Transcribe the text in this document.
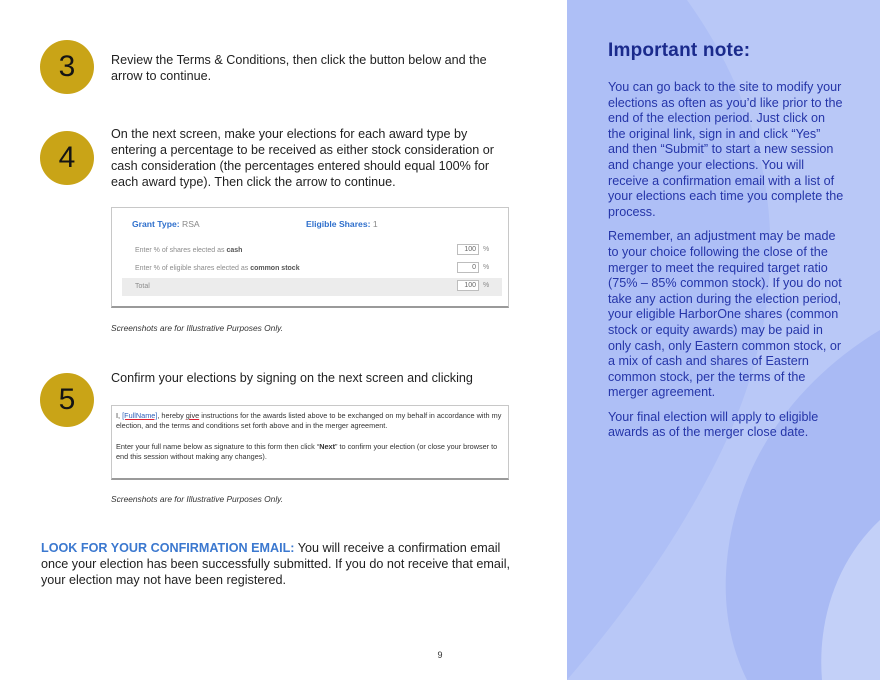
3	Review the Terms & Conditions, then click the button below and the arrow to continue.
4
On the next screen, make your elections for each award type by entering a percentage to be received as either stock consideration or cash consideration (the percentages entered should equal 100% for each award type). Then click the arrow to continue.
Grant Type: RSA	Eligible Shares: 1
Enter % of shares elected as cash	100	%
Enter % of eligible shares elected as common stock	0	%
Total	100	%
Screenshots are for Illustrative Purposes Only.
5
Confirm your elections by signing on the next screen and clicking
I, [FullName], hereby give instructions for the awards listed above to be exchanged on my behalf in accordance with my election, and the terms and conditions set forth above and in the merger agreement.
Enter your full name below as signature to this form then click “Next” to confirm your election (or close your browser to end this session without making any changes).
Screenshots are for Illustrative Purposes Only.
LOOK FOR YOUR CONFIRMATION EMAIL: You will receive a confirmation email once your election has been successfully submitted. If you do not receive that email, your election may not have been registered.
9
Important note:

You can go back to the site to modify your elections as often as you’d like prior to the end of the election period. Just click on the original link, sign in and click “Yes” and then “Submit” to start a new session and change your elections. You will receive a confirmation email with a list of your elections each time you complete the process.

Remember, an adjustment may be made to your choice following the close of the merger to meet the required target ratio (75% – 85% common stock). If you do not take any action during the election period, your eligible HarborOne shares (common stock or equity awards) may be paid in only cash, only Eastern common stock, or a mix of cash and shares of Eastern common stock, per the terms of the merger agreement.

Your final election will apply to eligible awards as of the merger close date.
